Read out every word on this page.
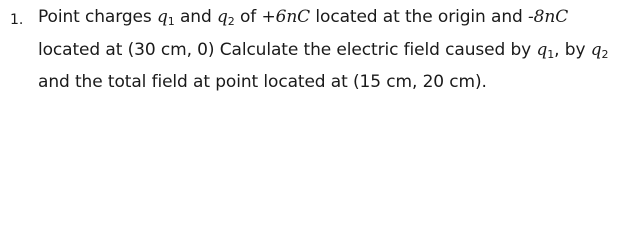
1. Point charges $q_1$ and $q_2$ of +6nC located at the origin and -8nC
located at (30 cm, 0) Calculate the electric field caused by $q_1$, by $q_2$
and the total field at point located at (15 cm, 20 cm).
